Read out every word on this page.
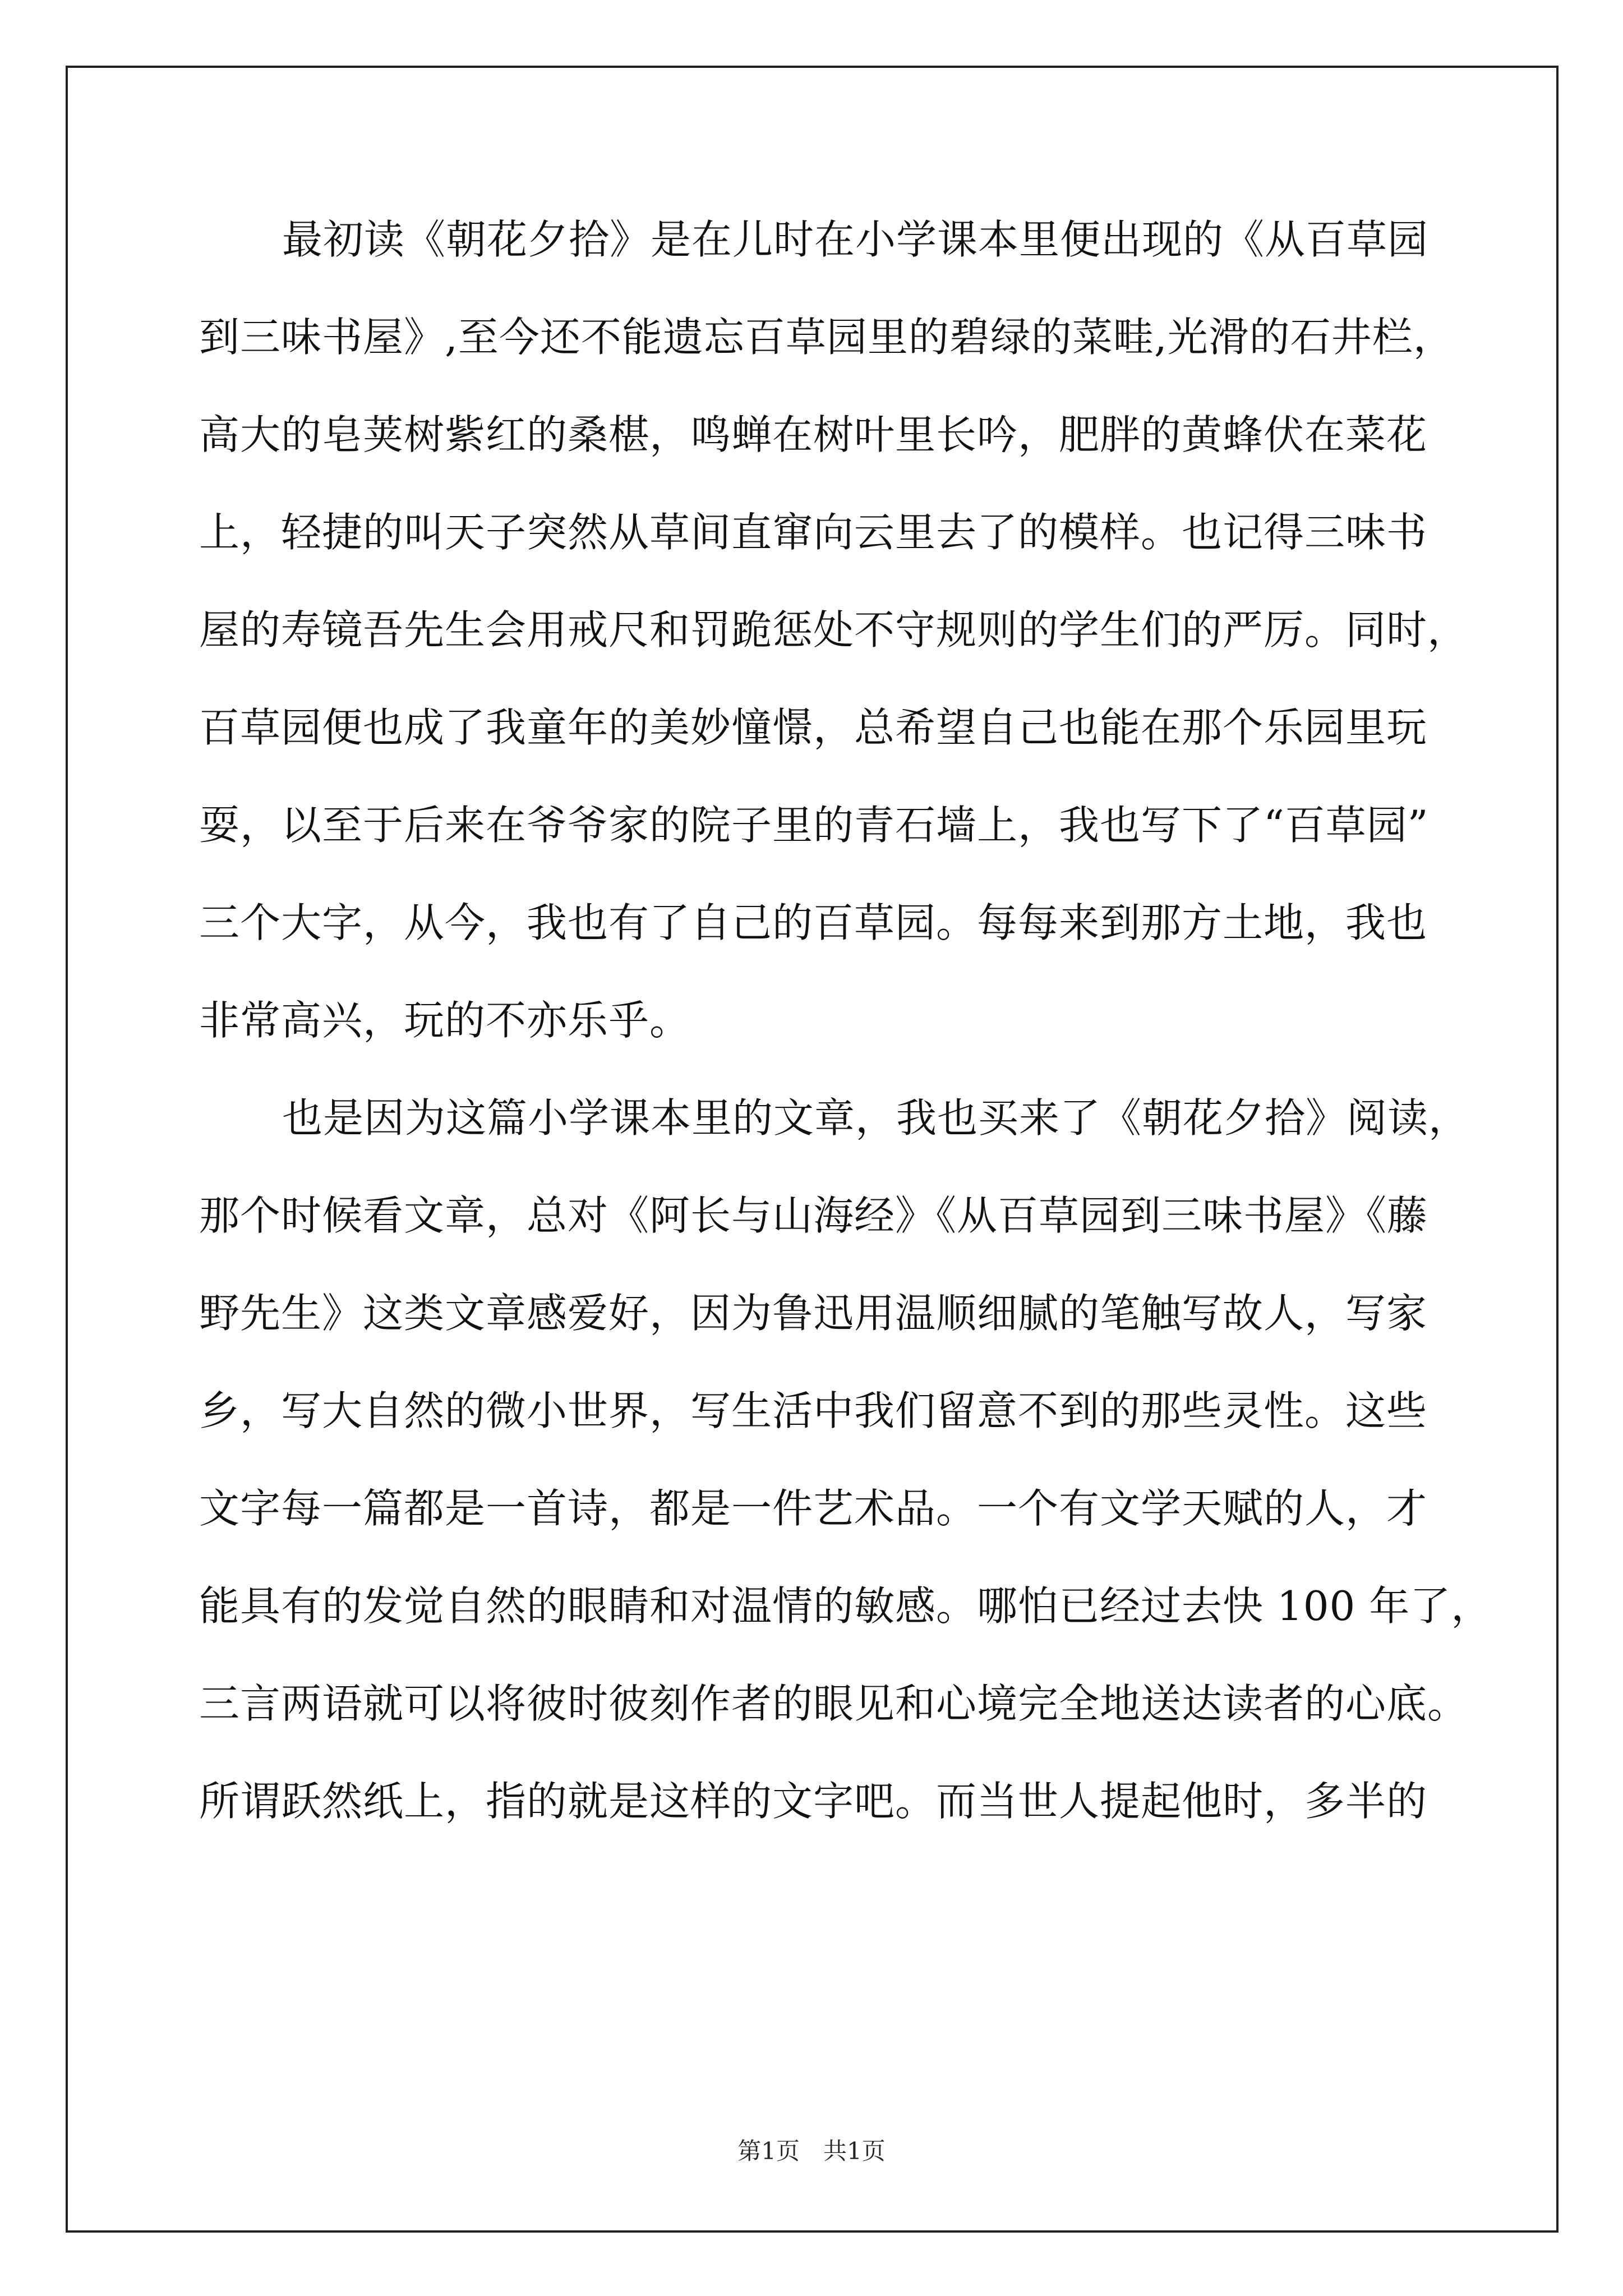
最初读《朝花夕拾》是在儿时在小学课本里便出现的《从百草园
到三味书屋》,至今还不能遗忘百草园里的碧绿的菜畦,光滑的石井栏，
高大的皂荚树紫红的桑椹，鸣蝉在树叶里长吟，肥胖的黄蜂伏在菜花
上，轻捷的叫天子突然从草间直窜向云里去了的模样。也记得三味书
屋的寿镜吾先生会用戒尺和罚跪惩处不守规则的学生们的严厉。同时，
百草园便也成了我童年的美妙憧憬，总希望自己也能在那个乐园里玩
耍，以至于后来在爷爷家的院子里的青石墙上，我也写下了“百草园”
三个大字，从今，我也有了自己的百草园。每每来到那方土地，我也
非常高兴，玩的不亦乐乎。
也是因为这篇小学课本里的文章，我也买来了《朝花夕拾》阅读，
那个时候看文章，总对《阿长与山海经》《从百草园到三味书屋》《藤
野先生》这类文章感爱好，因为鲁迅用温顺细腻的笔触写故人，写家
乡，写大自然的微小世界，写生活中我们留意不到的那些灵性。这些
文字每一篇都是一首诗，都是一件艺术品。一个有文学天赋的人，才
能具有的发觉自然的眼睛和对温情的敏感。哪怕已经过去快 100 年了，
三言两语就可以将彼时彼刻作者的眼见和心境完全地送达读者的心底。
所谓跃然纸上，指的就是这样的文字吧。而当世人提起他时，多半的
第1页　共1页
